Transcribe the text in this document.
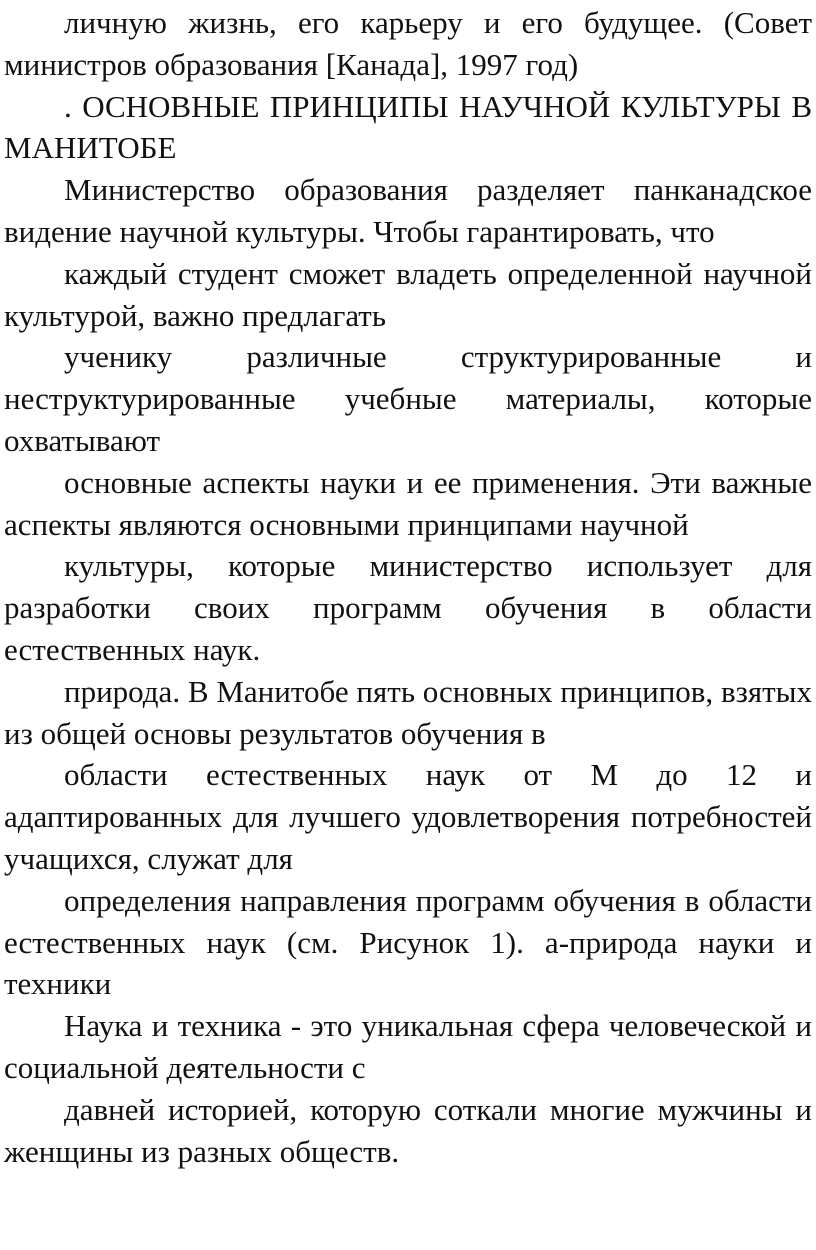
личную жизнь, его карьеру и его будущее. (Совет министров образования [Канада], 1997 год)

. ОСНОВНЫЕ ПРИНЦИПЫ НАУЧНОЙ КУЛЬТУРЫ В МАНИТОБЕ

Министерство образования разделяет панканадское видение научной культуры. Чтобы гарантировать, что

каждый студент сможет владеть определенной научной культурой, важно предлагать

ученику различные структурированные и неструктурированные учебные материалы, которые охватывают

основные аспекты науки и ее применения. Эти важные аспекты являются основными принципами научной

культуры, которые министерство использует для разработки своих программ обучения в области естественных наук.

природа. В Манитобе пять основных принципов, взятых из общей основы результатов обучения в

области естественных наук от М до 12 и адаптированных для лучшего удовлетворения потребностей учащихся, служат для

определения направления программ обучения в области естественных наук (см. Рисунок 1). а-природа науки и техники

Наука и техника - это уникальная сфера человеческой и социальной деятельности с

давней историей, которую соткали многие мужчины и женщины из разных обществ.
